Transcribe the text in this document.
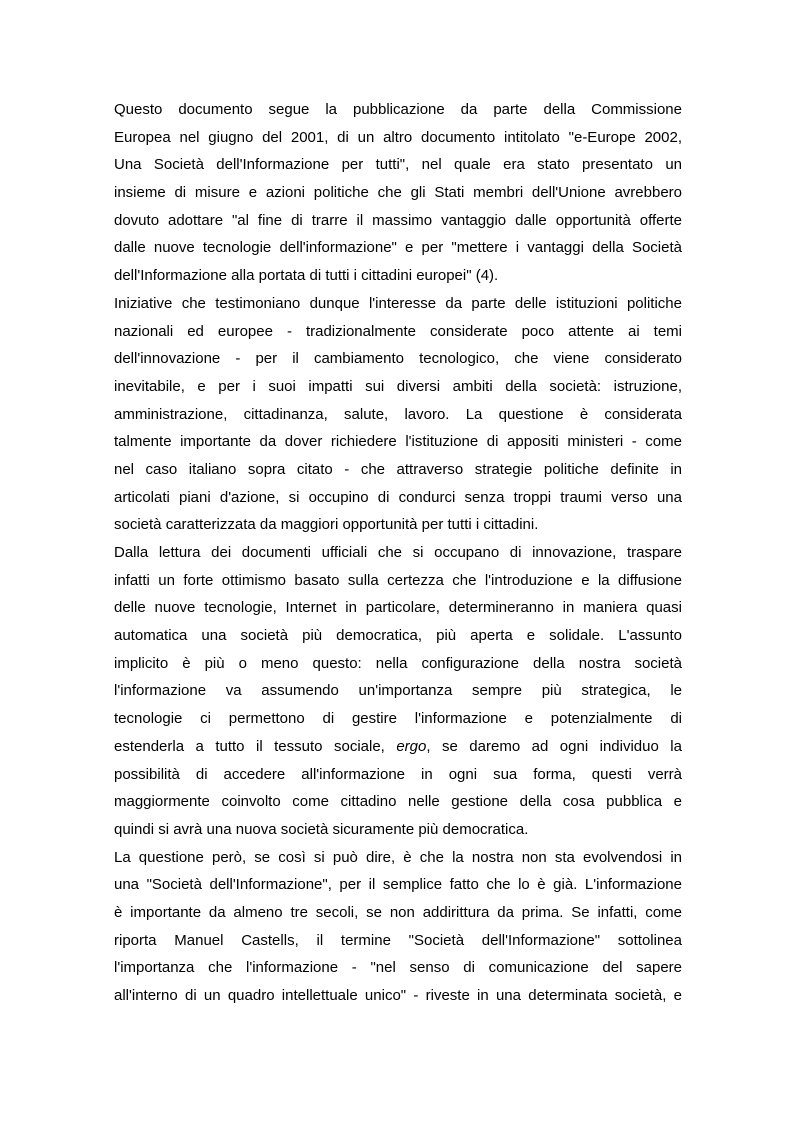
Questo documento segue la pubblicazione da parte della Commissione
Europea nel giugno del 2001, di un altro documento intitolato "e-Europe 2002,
Una Società dell'Informazione per tutti", nel quale era stato presentato un
insieme di misure e azioni politiche che gli Stati membri dell'Unione avrebbero
dovuto adottare "al fine di trarre il massimo vantaggio dalle opportunità offerte
dalle nuove tecnologie dell'informazione" e per "mettere i vantaggi della Società
dell'Informazione alla portata di tutti i cittadini europei" (4).
Iniziative che testimoniano dunque l'interesse da parte delle istituzioni politiche
nazionali ed europee - tradizionalmente considerate poco attente ai temi
dell'innovazione - per il cambiamento tecnologico, che viene considerato
inevitabile, e per i suoi impatti sui diversi ambiti della società: istruzione,
amministrazione, cittadinanza, salute, lavoro. La questione è considerata
talmente importante da dover richiedere l'istituzione di appositi ministeri - come
nel caso italiano sopra citato - che attraverso strategie politiche definite in
articolati piani d'azione, si occupino di condurci senza troppi traumi verso una
società caratterizzata da maggiori opportunità per tutti i cittadini.
Dalla lettura dei documenti ufficiali che si occupano di innovazione, traspare
infatti un forte ottimismo basato sulla certezza che l'introduzione e la diffusione
delle nuove tecnologie, Internet in particolare, determineranno in maniera quasi
automatica una società più democratica, più aperta e solidale. L'assunto
implicito è più o meno questo: nella configurazione della nostra società
l'informazione va assumendo un'importanza sempre più strategica, le
tecnologie ci permettono di gestire l'informazione e potenzialmente di
estenderla a tutto il tessuto sociale, ergo, se daremo ad ogni individuo la
possibilità di accedere all'informazione in ogni sua forma, questi verrà
maggiormente coinvolto come cittadino nelle gestione della cosa pubblica e
quindi si avrà una nuova società sicuramente più democratica.
La questione però, se così si può dire, è che la nostra non sta evolvendosi in
una "Società dell'Informazione", per il semplice fatto che lo è già. L'informazione
è importante da almeno tre secoli, se non addirittura da prima. Se infatti, come
riporta Manuel Castells, il termine "Società dell'Informazione" sottolinea
l'importanza che l'informazione - "nel senso di comunicazione del sapere
all'interno di un quadro intellettuale unico" - riveste in una determinata società, e
